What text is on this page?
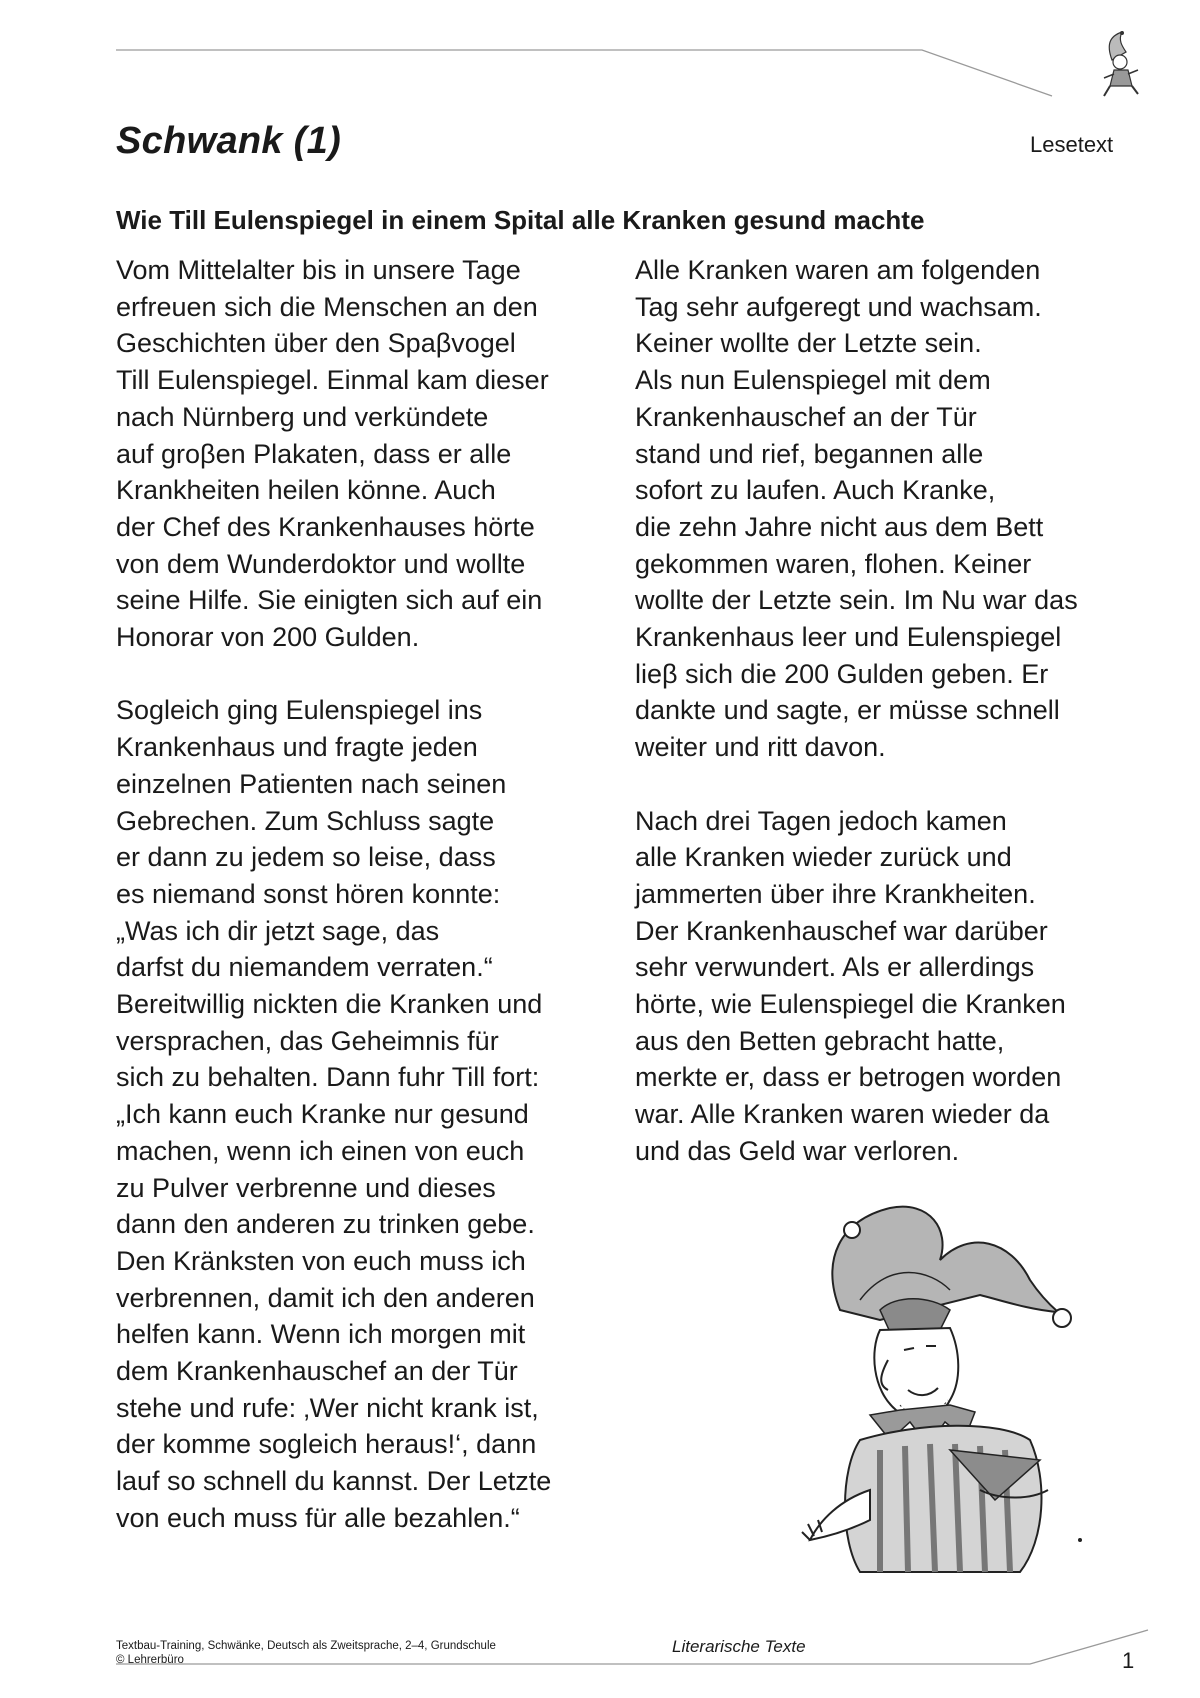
Schwank (1)	Lesetext
Wie Till Eulenspiegel in einem Spital alle Kranken gesund machte

Vom Mittelalter bis in unsere Tage
erfreuen sich die Menschen an den
Geschichten über den Spaβvogel
Till Eulenspiegel. Einmal kam dieser
nach Nürnberg und verkündete
auf groβen Plakaten, dass er alle
Krankheiten heilen könne. Auch
der Chef des Krankenhauses hörte
von dem Wunderdoktor und wollte
seine Hilfe. Sie einigten sich auf ein
Honorar von 200 Gulden.

Sogleich ging Eulenspiegel ins
Krankenhaus und fragte jeden
einzelnen Patienten nach seinen
Gebrechen. Zum Schluss sagte
er dann zu jedem so leise, dass
es niemand sonst hören konnte:
„Was ich dir jetzt sage, das
darfst du niemandem verraten.“
Bereitwillig nickten die Kranken und
versprachen, das Geheimnis für
sich zu behalten. Dann fuhr Till fort:
„Ich kann euch Kranke nur gesund
machen, wenn ich einen von euch
zu Pulver verbrenne und dieses
dann den anderen zu trinken gebe.
Den Kränksten von euch muss ich
verbrennen, damit ich den anderen
helfen kann. Wenn ich morgen mit
dem Krankenhauschef an der Tür
stehe und rufe: ‚Wer nicht krank ist,
der komme sogleich heraus!‘, dann
lauf so schnell du kannst. Der Letzte
von euch muss für alle bezahlen.“

Alle Kranken waren am folgenden
Tag sehr aufgeregt und wachsam.
Keiner wollte der Letzte sein.
Als nun Eulenspiegel mit dem
Krankenhauschef an der Tür
stand und rief, begannen alle
sofort zu laufen. Auch Kranke,
die zehn Jahre nicht aus dem Bett
gekommen waren, flohen. Keiner
wollte der Letzte sein. Im Nu war das
Krankenhaus leer und Eulenspiegel
lieβ sich die 200 Gulden geben. Er
dankte und sagte, er müsse schnell
weiter und ritt davon.

Nach drei Tagen jedoch kamen
alle Kranken wieder zurück und
jammerten über ihre Krankheiten.
Der Krankenhauschef war darüber
sehr verwundert. Als er allerdings
hörte, wie Eulenspiegel die Kranken
aus den Betten gebracht hatte,
merkte er, dass er betrogen worden
war. Alle Kranken waren wieder da
und das Geld war verloren.

Textbau-Training, Schwänke, Deutsch als Zweitsprache, 2–4, Grundschule
© Lehrerbüro
Literarische Texte
1
